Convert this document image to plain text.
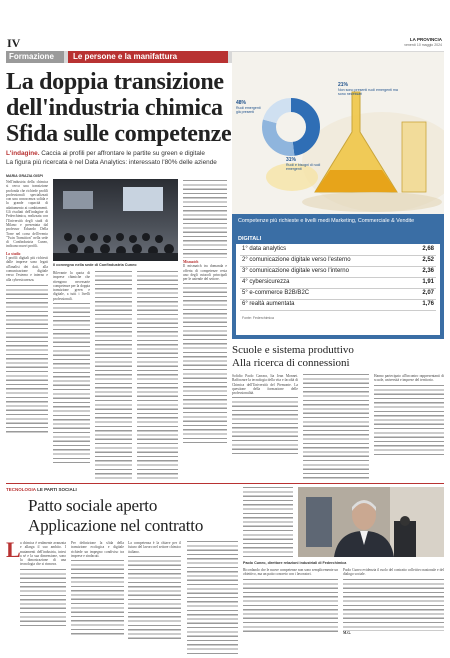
IV	LA PROVINCIA
venerdì 10 maggio 2024
Formazione	Le persone e la manifattura
La doppia transizione
dell'industria chimica
Sfida sulle competenze
21%
Non sono presenti ruoli emergenti ma sono necessari
48%
Ruoli emergenti già presenti
31%
Ruoli e bisogni di ruoli emergenti
L'indagine. Caccia ai profili per affrontare le partite su green e digitale
La figura più ricercata è nel Data Analytics: interessato l'80% delle aziende
Competenze più richieste e livelli medi Marketing, Commerciale & Vendite
DIGITALI
1° data analytics	2,68
2° comunicazione digitale verso l'esterno	2,52
3° comunicazione digitale verso l'interno	2,36
4° cybersicurezza	1,91
5° e-commerce B2B/B2C	2,07
6° realtà aumentata	1,76
Fonte: Federchimica
MARIA GRAZIA GISPI
Nell'industria della chimica si cerca una transizione profonda che richiede profili professionali specializzati con una conoscenza solida e la grande capacità di adattamento ai cambiamenti. Gli risultati dell'indagine di Federchimica, realizzata con l'Università degli studi di Milano e presentata dal professor Edoardo Della Torre nel corso dell'evento "Twin Transition" nella sede di Confindustria Cuneo, indicano nuovi profili.
Lo studio
I profili digitali più richiesti dalle imprese sono legati all'analisi dei dati, alla comunicazione digitale verso l'esterno e interno e alla cybersicurezza.
Il convegno nella sede di Confindustria Cuneo
Rilevante la quota di imprese chimiche che ritengono necessarie competenze per la doppia transizione green e digitale, a tutti i livelli professionali.
Mismatch
Il mismatch tra domanda e offerta di competenze resta uno degli ostacoli principali per le aziende del settore.
Scuole e sistema produttivo
Alla ricerca di connessioni
Sofidio Paolo Carrara, Ita Jean Monnet. Rafforzare la tecnologia della vita e facoltà di Chimica dell'Università del Piemonte. La questione della formazione delle professionalità.
Hanno partecipato all'incontro rappresentanti di scuole, università e imprese del territorio.
TECNOLOGIA LE PARTI SOCIALI
Patto sociale aperto
Applicazione nel contratto
L a chimica è realmente avanzata e allarga il suo ambito. I mutamenti dell'industria, intesi a sé e la sua dimensione, sono la dimostrazione di una tecnologia che si rinnova.
Per definizione la sfida della transizione ecologica e digitale richiede un impegno condiviso tra imprese e sindacati.
La competenza è la chiave per il futuro del lavoro nel settore chimico italiano.
Paolo Cuneo, direttore relazioni industriali di Federchimica
Ricordando che le nuove competenze non sono semplicemente un obiettivo, ma un patto concreto con i lavoratori.
Paolo Cuneo evidenzia il ruolo del contratto collettivo nazionale e del dialogo sociale.
M.G.
